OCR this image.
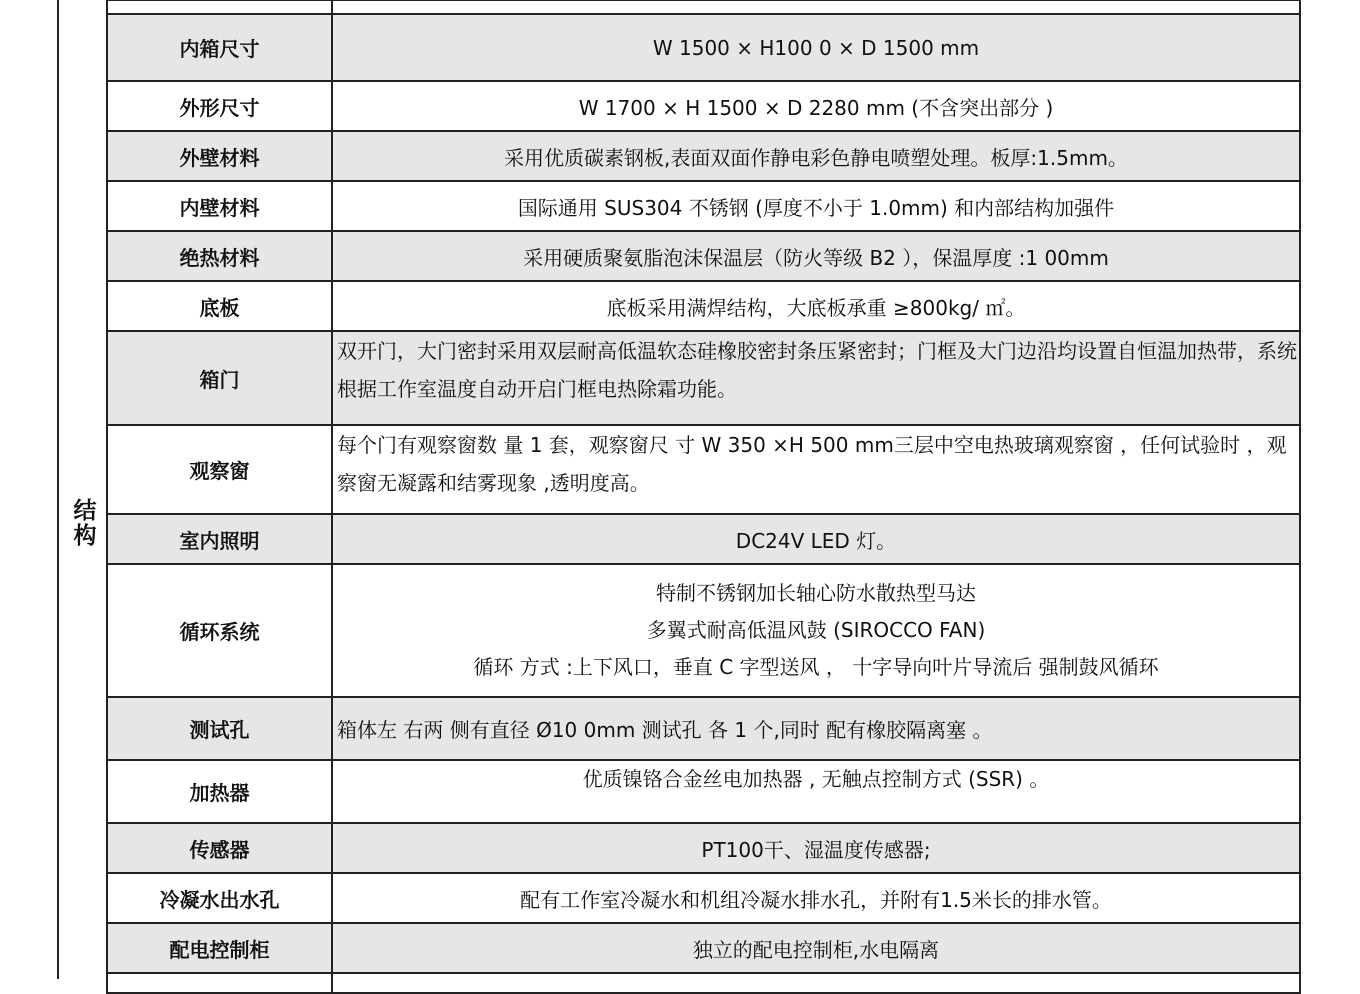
结构

内箱尺寸	W 1500 × H100 0 × D 1500 mm
外形尺寸	W 1700 × H 1500 × D 2280 mm (不含突出部分 )
外壁材料	采用优质碳素钢板,表面双面作静电彩色静电喷塑处理。板厚:1.5mm。
内壁材料	国际通用 SUS304 不锈钢 (厚度不小于 1.0mm) 和内部结构加强件
绝热材料	采用硬质聚氨脂泡沫保温层（防火等级 B2 ），保温厚度 :1 00mm
底板	底板采用满焊结构，大底板承重 ≥800kg/ ㎡。
箱门	双开门，大门密封采用双层耐高低温软态硅橡胶密封条压紧密封；门框及大门边沿均设置自恒温加热带，系统根据工作室温度自动开启门框电热除霜功能。
观察窗	每个门有观察窗数 量 1 套，观察窗尺 寸 W 350 ×H 500 mm三层中空电热玻璃观察窗 ，任何试验时 ，观察窗无凝露和结雾现象 ,透明度高。
室内照明	DC24V LED 灯。
循环系统	特制不锈钢加长轴心防水散热型马达
多翼式耐高低温风鼓 (SIROCCO FAN)
循环 方式 :上下风口，垂直 C 字型送风 ， 十字导向叶片导流后 强制鼓风循环

测试孔	箱体左 右两 侧有直径 Ø10 0mm 测试孔 各 1 个,同时 配有橡胶隔离塞 。
加热器	优质镍铬合金丝电加热器 , 无触点控制方式 (SSR) 。
传感器	PT100干、湿温度传感器;
冷凝水出水孔	配有工作室冷凝水和机组冷凝水排水孔，并附有1.5米长的排水管。
配电控制柜	独立的配电控制柜,水电隔离
